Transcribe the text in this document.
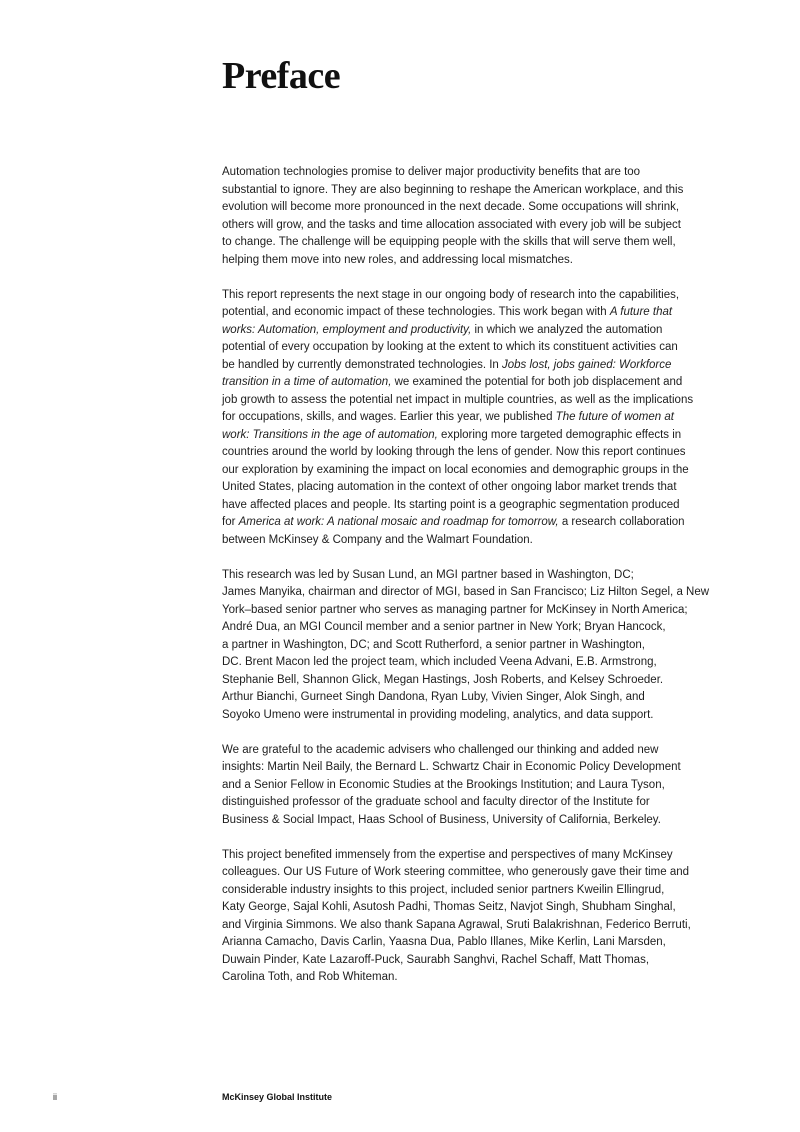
Preface

Automation technologies promise to deliver major productivity benefits that are too
substantial to ignore. They are also beginning to reshape the American workplace, and this
evolution will become more pronounced in the next decade. Some occupations will shrink,
others will grow, and the tasks and time allocation associated with every job will be subject
to change. The challenge will be equipping people with the skills that will serve them well,
helping them move into new roles, and addressing local mismatches.

This report represents the next stage in our ongoing body of research into the capabilities,
potential, and economic impact of these technologies. This work began with A future that
works: Automation, employment and productivity, in which we analyzed the automation
potential of every occupation by looking at the extent to which its constituent activities can
be handled by currently demonstrated technologies. In Jobs lost, jobs gained: Workforce
transition in a time of automation, we examined the potential for both job displacement and
job growth to assess the potential net impact in multiple countries, as well as the implications
for occupations, skills, and wages. Earlier this year, we published The future of women at
work: Transitions in the age of automation, exploring more targeted demographic effects in
countries around the world by looking through the lens of gender. Now this report continues
our exploration by examining the impact on local economies and demographic groups in the
United States, placing automation in the context of other ongoing labor market trends that
have affected places and people. Its starting point is a geographic segmentation produced
for America at work: A national mosaic and roadmap for tomorrow, a research collaboration
between McKinsey & Company and the Walmart Foundation.

This research was led by Susan Lund, an MGI partner based in Washington, DC;
James Manyika, chairman and director of MGI, based in San Francisco; Liz Hilton Segel, a New
York–based senior partner who serves as managing partner for McKinsey in North America;
André Dua, an MGI Council member and a senior partner in New York; Bryan Hancock,
a partner in Washington, DC; and Scott Rutherford, a senior partner in Washington,
DC. Brent Macon led the project team, which included Veena Advani, E.B. Armstrong,
Stephanie Bell, Shannon Glick, Megan Hastings, Josh Roberts, and Kelsey Schroeder.
Arthur Bianchi, Gurneet Singh Dandona, Ryan Luby, Vivien Singer, Alok Singh, and
Soyoko Umeno were instrumental in providing modeling, analytics, and data support.

We are grateful to the academic advisers who challenged our thinking and added new
insights: Martin Neil Baily, the Bernard L. Schwartz Chair in Economic Policy Development
and a Senior Fellow in Economic Studies at the Brookings Institution; and Laura Tyson,
distinguished professor of the graduate school and faculty director of the Institute for
Business & Social Impact, Haas School of Business, University of California, Berkeley.

This project benefited immensely from the expertise and perspectives of many McKinsey
colleagues. Our US Future of Work steering committee, who generously gave their time and
considerable industry insights to this project, included senior partners Kweilin Ellingrud,
Katy George, Sajal Kohli, Asutosh Padhi, Thomas Seitz, Navjot Singh, Shubham Singhal,
and Virginia Simmons. We also thank Sapana Agrawal, Sruti Balakrishnan, Federico Berruti,
Arianna Camacho, Davis Carlin, Yaasna Dua, Pablo Illanes, Mike Kerlin, Lani Marsden,
Duwain Pinder, Kate Lazaroff-Puck, Saurabh Sanghvi, Rachel Schaff, Matt Thomas,
Carolina Toth, and Rob Whiteman.

ii	McKinsey Global Institute
